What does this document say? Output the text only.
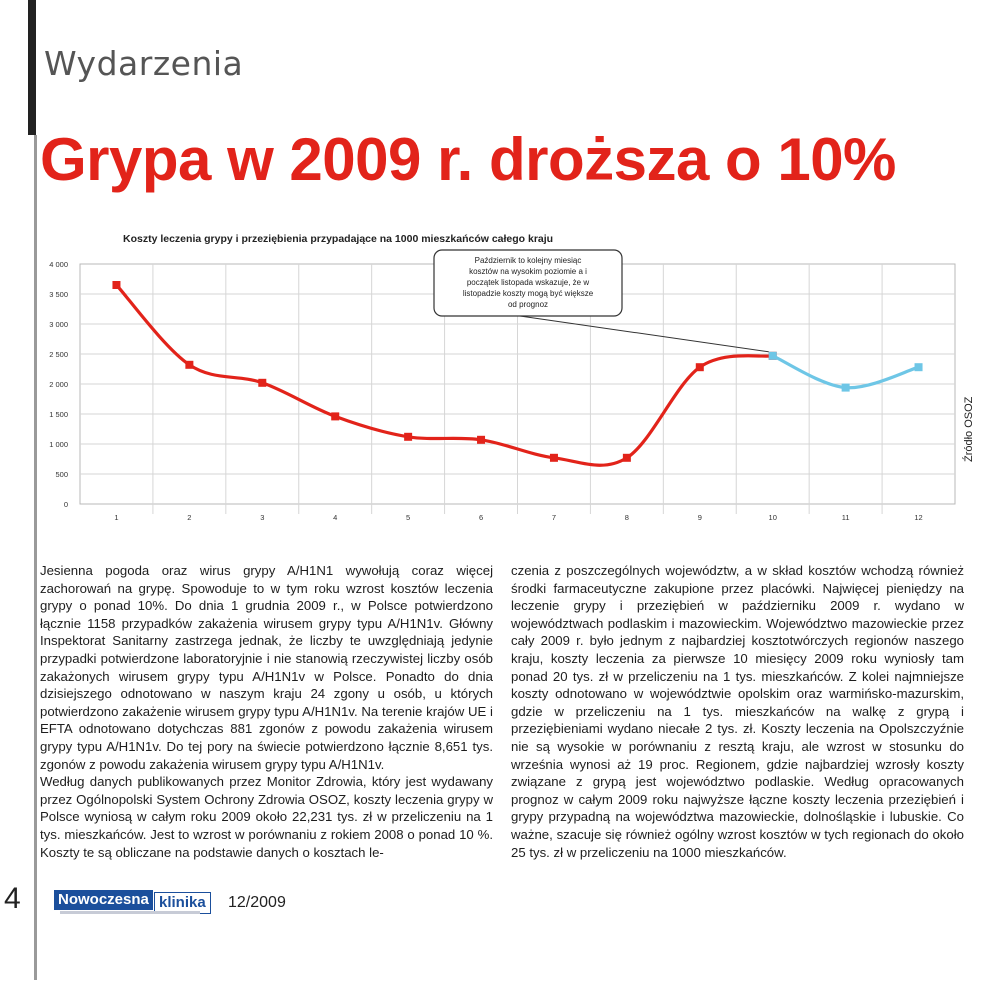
Wydarzenia
Grypa w 2009 r. droższa o 10%
Koszty leczenia grypy i przeziębienia przypadające na 1000 mieszkańców całego kraju
0
500
1 000
1 500
2 000
2 500
3 000
3 500
4 000
1	2	3	4	5	6	7	8	9	10	11	12
Październik to kolejny miesiąc kosztów na wysokim poziomie a i początek listopada wskazuje, że w listopadzie koszty mogą być większe od prognoz
Źródło OSOZ

Jesienna pogoda oraz wirus grypy A/H1N1 wywołują coraz więcej zachorowań na grypę. Spowoduje to w tym roku wzrost kosztów leczenia grypy o ponad 10%. Do dnia 1 grudnia 2009 r., w Polsce potwierdzono łącznie 1158 przypadków zakażenia wirusem grypy typu A/H1N1v. Główny Inspektorat Sanitarny zastrzega jednak, że liczby te uwzględniają jedynie przypadki potwierdzone laboratoryjnie i nie stanowią rzeczywistej liczby osób zakażonych wirusem grypy typu A/H1N1v w Polsce. Ponadto do dnia dzisiejszego odnotowano w naszym kraju 24 zgony u osób, u których potwierdzono zakażenie wirusem grypy typu A/H1N1v. Na terenie krajów UE i EFTA odnotowano dotychczas 881 zgonów z powodu zakażenia wirusem grypy typu A/H1N1v. Do tej pory na świecie potwierdzono łącznie 8,651 tys. zgonów z powodu zakażenia wirusem grypy typu A/H1N1v.

Według danych publikowanych przez Monitor Zdrowia, który jest wydawany przez Ogólnopolski System Ochrony Zdrowia OSOZ, koszty leczenia grypy w Polsce wyniosą w całym roku 2009 około 22,231 tys. zł w przeliczeniu na 1 tys. mieszkańców. Jest to wzrost w porównaniu z rokiem 2008 o ponad 10 %. Koszty te są obliczane na podstawie danych o kosztach le-

czenia z poszczególnych województw, a w skład kosztów wchodzą również środki farmaceutyczne zakupione przez placówki. Najwięcej pieniędzy na leczenie grypy i przeziębień w październiku 2009 r. wydano w województwach podlaskim i mazowieckim. Województwo mazowieckie przez cały 2009 r. było jednym z najbardziej kosztotwórczych regionów naszego kraju, koszty leczenia za pierwsze 10 miesięcy 2009 roku wyniosły tam ponad 20 tys. zł w przeliczeniu na 1 tys. mieszkańców. Z kolei najmniejsze koszty odnotowano w województwie opolskim oraz warmińsko-mazurskim, gdzie w przeliczeniu na 1 tys. mieszkańców na walkę z grypą i przeziębieniami wydano niecałe 2 tys. zł. Koszty leczenia na Opolszczyźnie nie są wysokie w porównaniu z resztą kraju, ale wzrost w stosunku do września wynosi aż 19 proc. Regionem, gdzie najbardziej wzrosły koszty związane z grypą jest województwo podlaskie. Według opracowanych prognoz w całym 2009 roku najwyższe łączne koszty leczenia przeziębień i grypy przypadną na województwa mazowieckie, dolnośląskie i lubuskie. Co ważne, szacuje się również ogólny wzrost kosztów w tych regionach do około 25 tys. zł w przeliczeniu na 1000 mieszkańców.

4 Nowoczesna klinika	12/2009
